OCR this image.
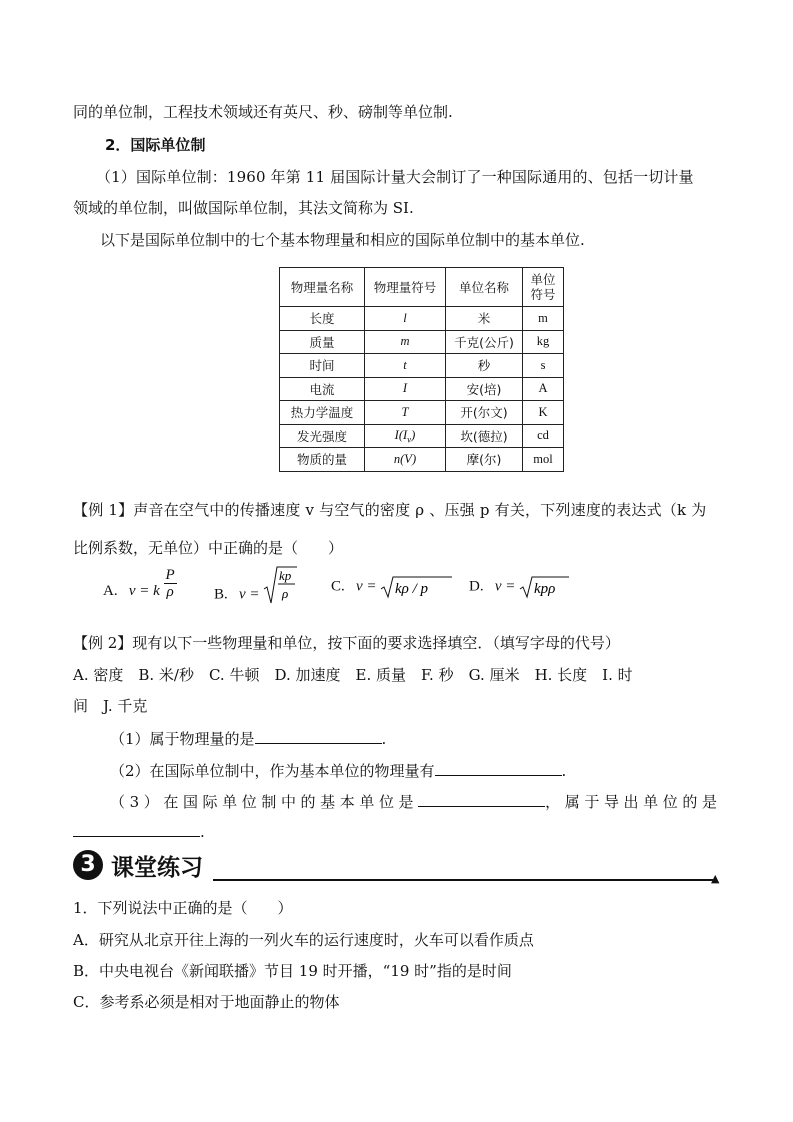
同的单位制，工程技术领域还有英尺、秒、磅制等单位制.
2．国际单位制
（1）国际单位制：1960 年第 11 届国际计量大会制订了一种国际通用的、包括一切计量
领域的单位制，叫做国际单位制，其法文简称为 SI.
以下是国际单位制中的七个基本物理量和相应的国际单位制中的基本单位.
物理量名称	物理量符号	单位名称	单位
符号
长度	l	米	m
质量	m	千克(公斤)	kg
时间	t	秒	s
电流	I	安(培)	A
热力学温度	T	开(尔文)	K
发光强度	$I(I_v)$	坎(德拉)	cd
物质的量	n(V)	摩(尔)	mol
【例 1】声音在空气中的传播速度 v 与空气的密度 ρ 、压强 p 有关，下列速度的表达式（k 为
比例系数，无单位）中正确的是（　　）
A. v = k $\frac{P}{\rho} B$. v =
kp
ρ	C. v = kρ / p	D. v = kpρ
【例 2】现有以下一些物理量和单位，按下面的要求选择填空．（填写字母的代号）
A. 密度　B. 米/秒　C. 牛顿　D. 加速度　E. 质量　F. 秒　G. 厘米　H. 长度　I. 时
间　J. 千克
（1）属于物理量的是	.
（2）在国际单位制中，作为基本单位的物理量有	.
（3）在国际单位制中的基本单位是	，属于导出单位的是
.
3 课堂练习	▲
1．下列说法中正确的是（　　）
A．研究从北京开往上海的一列火车的运行速度时，火车可以看作质点
B．中央电视台《新闻联播》节目 19 时开播，“19 时”指的是时间
C．参考系必须是相对于地面静止的物体
